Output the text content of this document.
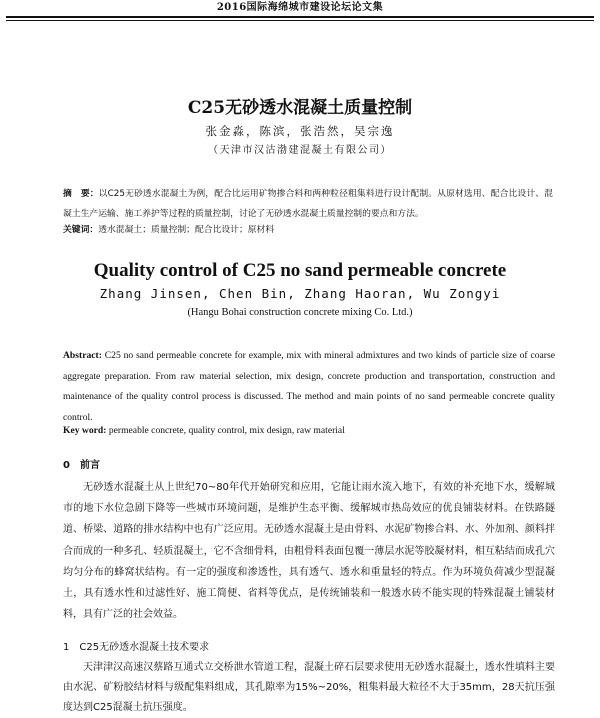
2016国际海绵城市建设论坛论文集
C25无砂透水混凝土质量控制
张金淼，陈滨，张浩然，吴宗逸
（天津市汉沽渤建混凝土有限公司）
摘　要：以C25无砂透水混凝土为例，配合比运用矿物掺合料和两种粒径粗集料进行设计配制。从原材选用、配合比设计、混凝土生产运输、施工养护等过程的质量控制，讨论了无砂透水混凝土质量控制的要点和方法。
关键词：透水混凝土；质量控制；配合比设计；原材料
Quality control of C25 no sand permeable concrete
Zhang Jinsen, Chen Bin, Zhang Haoran, Wu Zongyi
(Hangu Bohai construction concrete mixing Co. Ltd.)
Abstract: C25 no sand permeable concrete for example, mix with mineral admixtures and two kinds of particle size of coarse aggregate preparation. From raw material selection, mix design, concrete production and transportation, construction and maintenance of the quality control process is discussed. The method and main points of no sand permeable concrete quality control.
Key word: permeable concrete, quality control, mix design, raw material
0　前言
无砂透水混凝土从上世纪70~80年代开始研究和应用，它能让雨水流入地下，有效的补充地下水，缓解城市的地下水位急剧下降等一些城市环境问题，是维护生态平衡、缓解城市热岛效应的优良铺装材料。在铁路隧道、桥梁、道路的排水结构中也有广泛应用。无砂透水混凝土是由骨料、水泥矿物掺合料、水、外加剂、颜料拌合而成的一种多孔、轻质混凝土，它不含细骨料，由粗骨料表面包覆一薄层水泥等胶凝材料，相互粘结而成孔穴均匀分布的蜂窝状结构。有一定的强度和渗透性，具有透气、透水和重量轻的特点。作为环境负荷减少型混凝土，具有透水性和过滤性好、施工简便、省料等优点，是传统铺装和一般透水砖不能实现的特殊混凝土铺装材料，具有广泛的社会效益。
1　C25无砂透水混凝土技术要求
天津津汉高速汉蔡路互通式立交桥泄水管道工程，混凝土碎石层要求使用无砂透水混凝土，透水性填料主要由水泥、矿粉胶结材料与级配集料组成，其孔隙率为15%~20%，粗集料最大粒径不大于35mm，28天抗压强度达到C25混凝土抗压强度。
